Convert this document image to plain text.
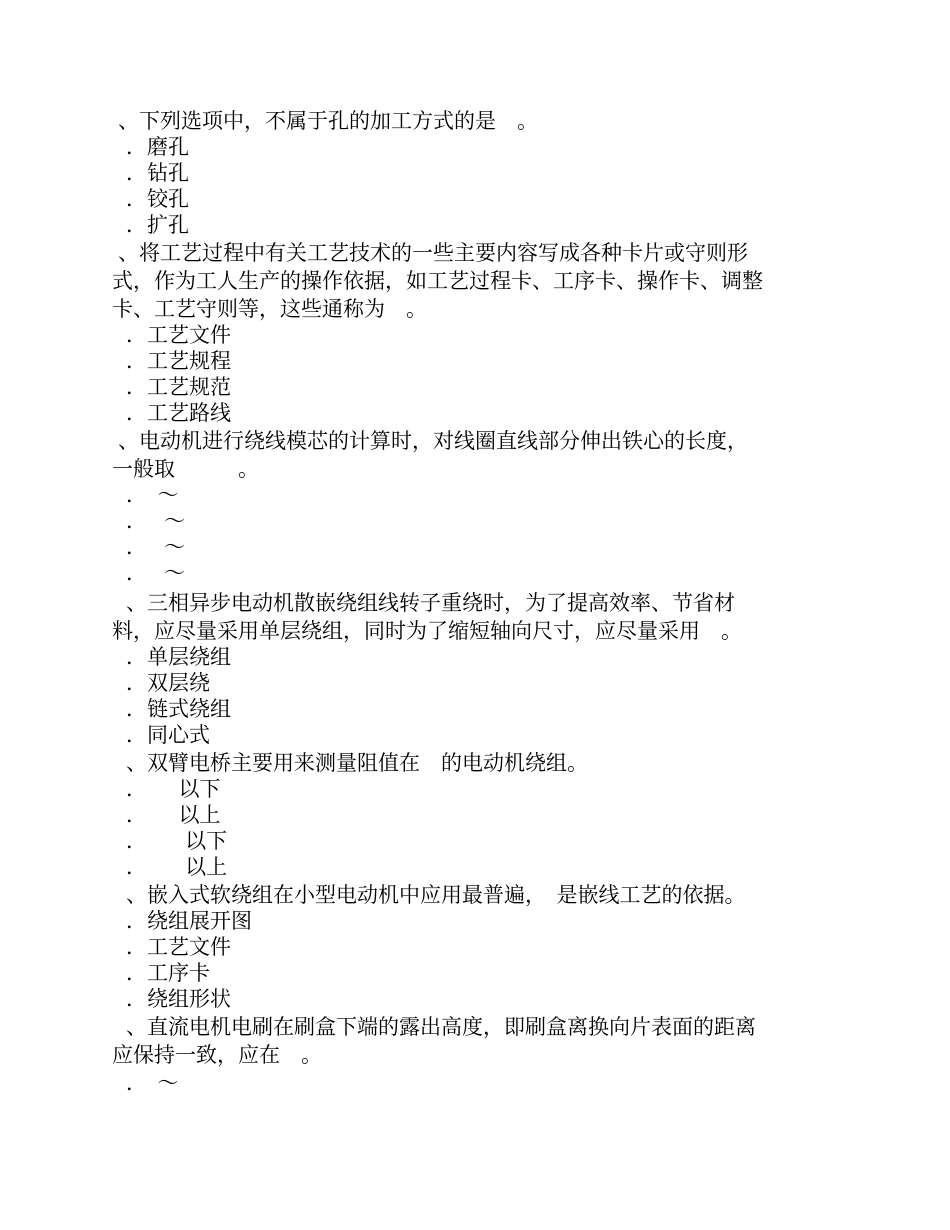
、下列选项中，不属于孔的加工方式的是　。
．磨孔
．钻孔
．铰孔
．扩孔
、将工艺过程中有关工艺技术的一些主要内容写成各种卡片或守则形
式，作为工人生产的操作依据，如工艺过程卡、工序卡、操作卡、调整
卡、工艺守则等，这些通称为　。
．工艺文件
．工艺规程
．工艺规范
．工艺路线
、电动机进行绕线模芯的计算时，对线圈直线部分伸出铁心的长度，
一般取　　　。
．　～
．　 ～
．　 ～
．　 ～
、三相异步电动机散嵌绕组线转子重绕时，为了提高效率、节省材
料，应尽量采用单层绕组，同时为了缩短轴向尺寸，应尽量采用　。
．单层绕组
．双层绕
．链式绕组
．同心式
、双臂电桥主要用来测量阻值在　的电动机绕组。
．　　以下
．　　以上
．　　 以下
．　　 以上
、嵌入式软绕组在小型电动机中应用最普遍，　是嵌线工艺的依据。
．绕组展开图
．工艺文件
．工序卡
．绕组形状
、直流电机电刷在刷盒下端的露出高度，即刷盒离换向片表面的距离
应保持一致，应在　。
．　～
